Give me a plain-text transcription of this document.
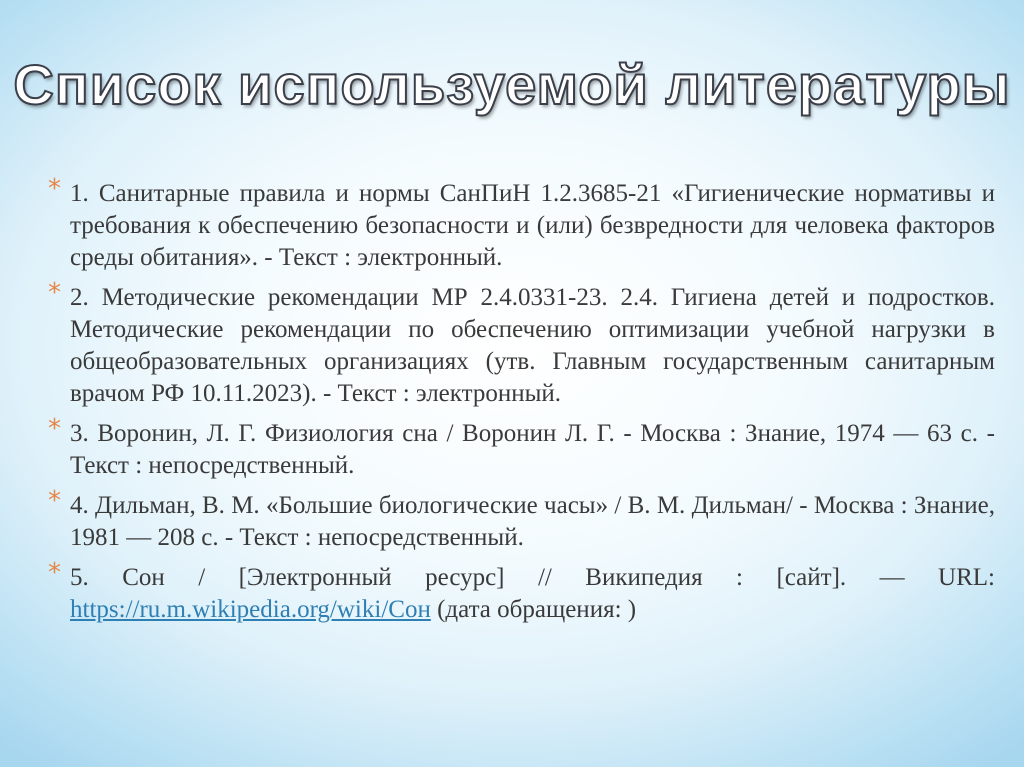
Список используемой литературы
* 1. Санитарные правила и нормы СанПиН 1.2.3685-21 «Гигиенические нормативы и требования к обеспечению безопасности и (или) безвредности для человека факторов среды обитания». - Текст : электронный.
* 2. Методические рекомендации МР 2.4.0331-23. 2.4. Гигиена детей и подростков. Методические рекомендации по обеспечению оптимизации учебной нагрузки в общеобразовательных организациях (утв. Главным государственным санитарным врачом РФ 10.11.2023). - Текст : электронный.
* 3. Воронин, Л. Г. Физиология сна / Воронин Л. Г. - Москва : Знание, 1974 — 63 с. - Текст : непосредственный.
* 4. Дильман, В. М. «Большие биологические часы» / В. М. Дильман/ - Москва : Знание, 1981 — 208 с. - Текст : непосредственный.
* 5. Сон / [Электронный ресурс] // Википедия : [сайт]. — URL: https://ru.m.wikipedia.org/wiki/Сон (дата обращения: )
